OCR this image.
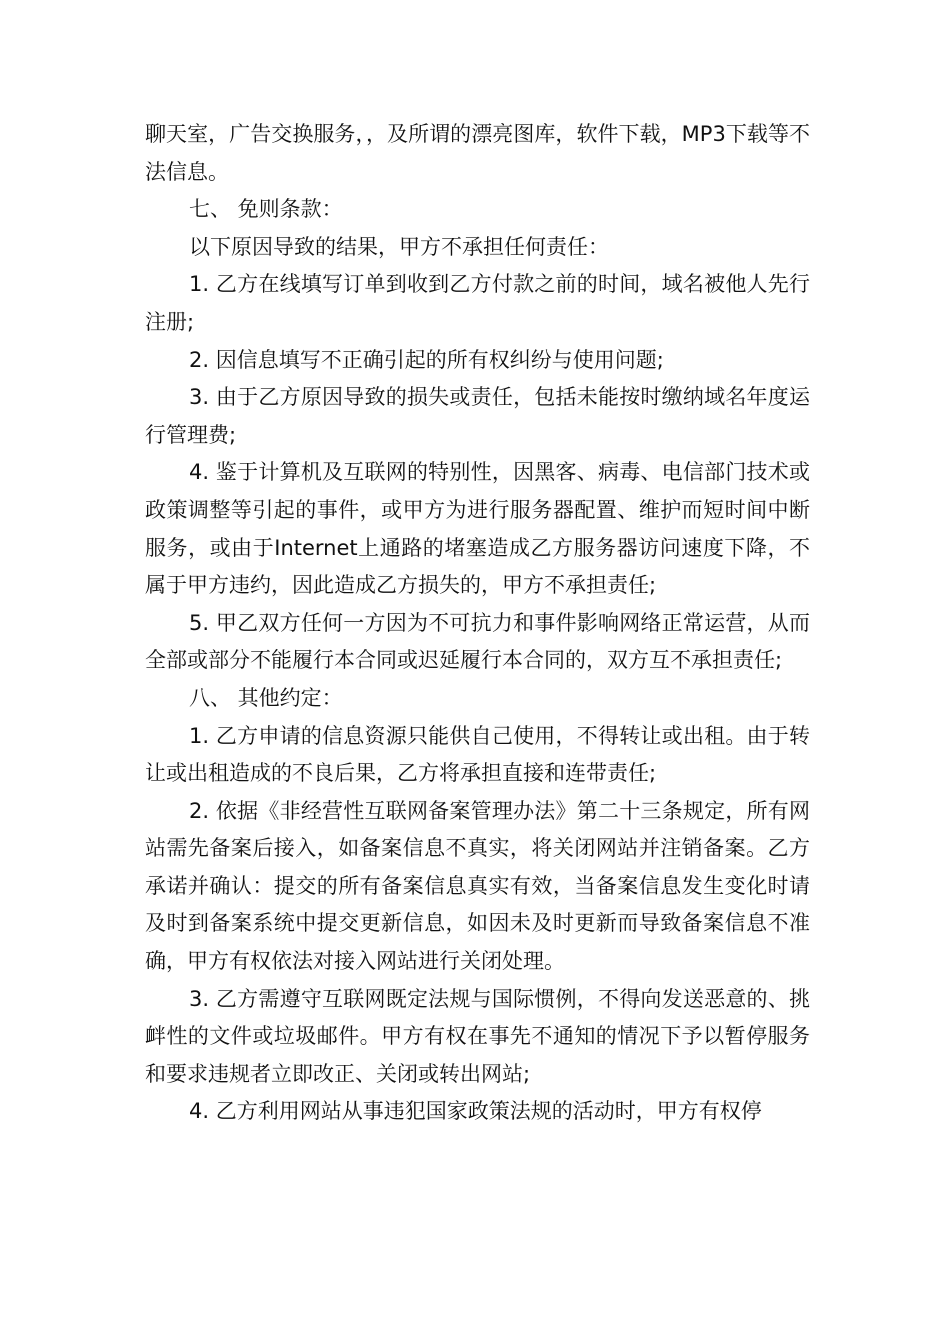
聊天室，广告交换服务，，及所谓的漂亮图库，软件下载，MP3下载等不法信息。

七、 免则条款：

以下原因导致的结果，甲方不承担任何责任：

1. 乙方在线填写订单到收到乙方付款之前的时间，域名被他人先行注册;

2. 因信息填写不正确引起的所有权纠纷与使用问题;

3. 由于乙方原因导致的损失或责任，包括未能按时缴纳域名年度运行管理费;

4. 鉴于计算机及互联网的特别性，因黑客、病毒、电信部门技术或政策调整等引起的事件，或甲方为进行服务器配置、维护而短时间中断服务，或由于Internet上通路的堵塞造成乙方服务器访问速度下降，不属于甲方违约，因此造成乙方损失的，甲方不承担责任;

5. 甲乙双方任何一方因为不可抗力和事件影响网络正常运营，从而全部或部分不能履行本合同或迟延履行本合同的，双方互不承担责任;

八、 其他约定：

1. 乙方申请的信息资源只能供自己使用，不得转让或出租。由于转让或出租造成的不良后果，乙方将承担直接和连带责任;

2. 依据《非经营性互联网备案管理办法》第二十三条规定，所有网站需先备案后接入，如备案信息不真实，将关闭网站并注销备案。乙方承诺并确认：提交的所有备案信息真实有效，当备案信息发生变化时请及时到备案系统中提交更新信息，如因未及时更新而导致备案信息不准确，甲方有权依法对接入网站进行关闭处理。

3. 乙方需遵守互联网既定法规与国际惯例，不得向发送恶意的、挑衅性的文件或垃圾邮件。甲方有权在事先不通知的情况下予以暂停服务和要求违规者立即改正、关闭或转出网站;

4. 乙方利用网站从事违犯国家政策法规的活动时，甲方有权停
